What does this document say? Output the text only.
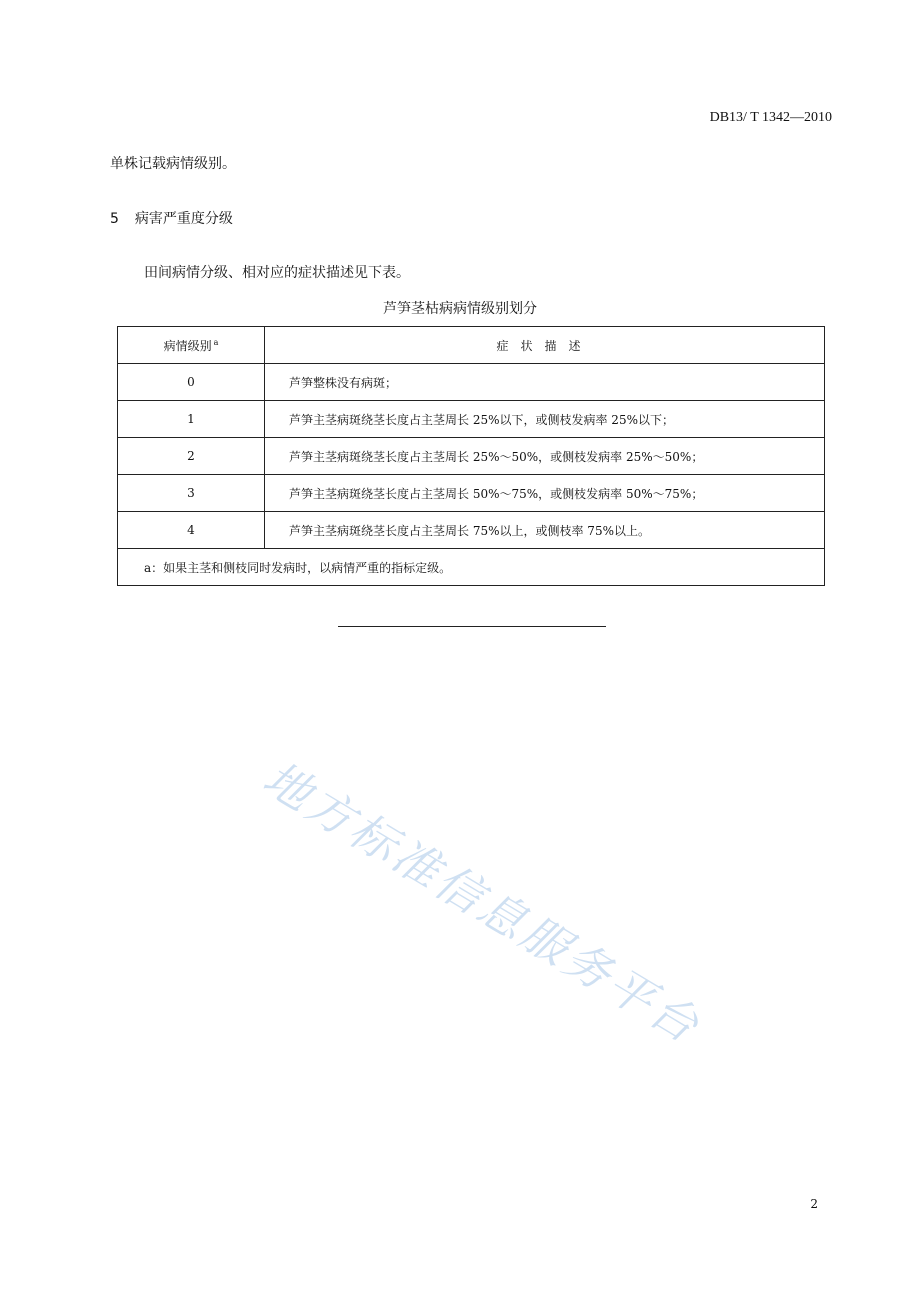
DB13/ T 1342—2010
单株记载病情级别。
5 病害严重度分级
田间病情分级、相对应的症状描述见下表。
芦笋茎枯病病情级别划分
病情级别 $^a$	症状描述
0	芦笋整株没有病斑；
1	芦笋主茎病斑绕茎长度占主茎周长 25%以下，或侧枝发病率 25%以下；
2	芦笋主茎病斑绕茎长度占主茎周长 25%～50%，或侧枝发病率 25%～50%；
3	芦笋主茎病斑绕茎长度占主茎周长 50%～75%，或侧枝发病率 50%～75%；
4	芦笋主茎病斑绕茎长度占主茎周长 75%以上，或侧枝率 75%以上。
a：如果主茎和侧枝同时发病时，以病情严重的指标定级。	
地方标准信息服务平台
2
